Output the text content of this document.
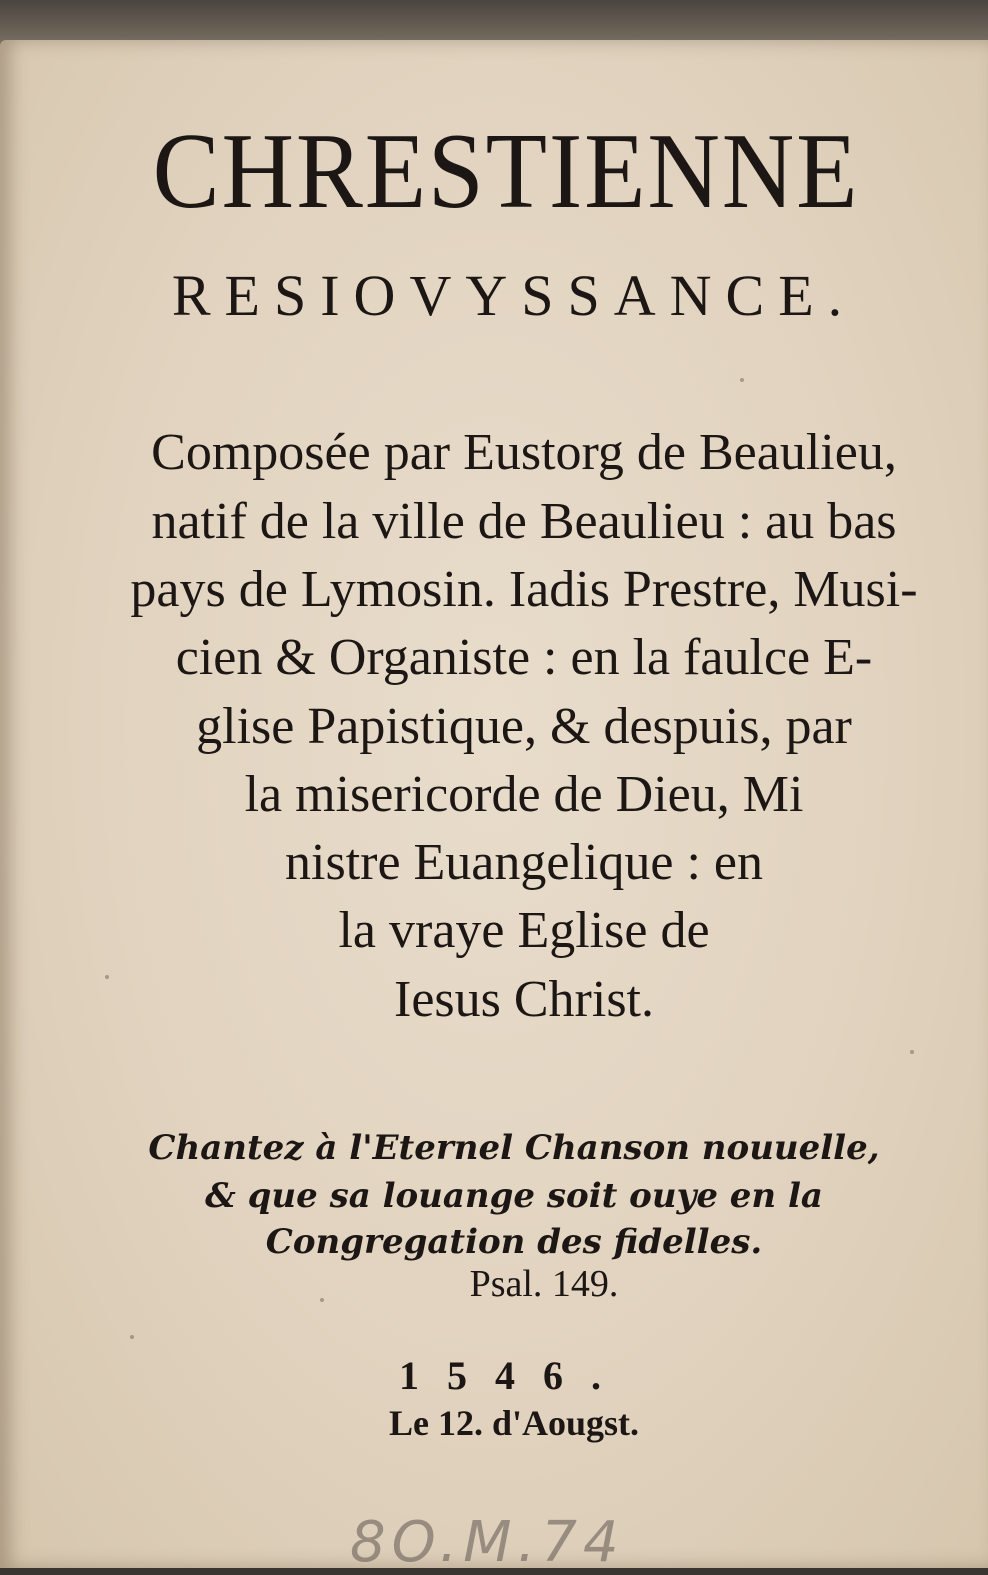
CHRESTIENNE
RESIOVYSSANCE.
Composée par Eustorg de Beaulieu,
natif de la ville de Beaulieu : au bas
pays de Lymosin. Iadis Prestre, Musi-
cien & Organiste : en la faulce E-
glise Papistique, & despuis, par
la misericorde de Dieu, Mi
nistre Euangelique : en
la vraye Eglise de
Iesus Christ.
Chantez à l'Eternel Chanson nouuelle,
& que sa louange soit ouye en la
Congregation des fidelles.
Psal. 149.
1546.
Le 12. d'Aougst.
8O.M.74
